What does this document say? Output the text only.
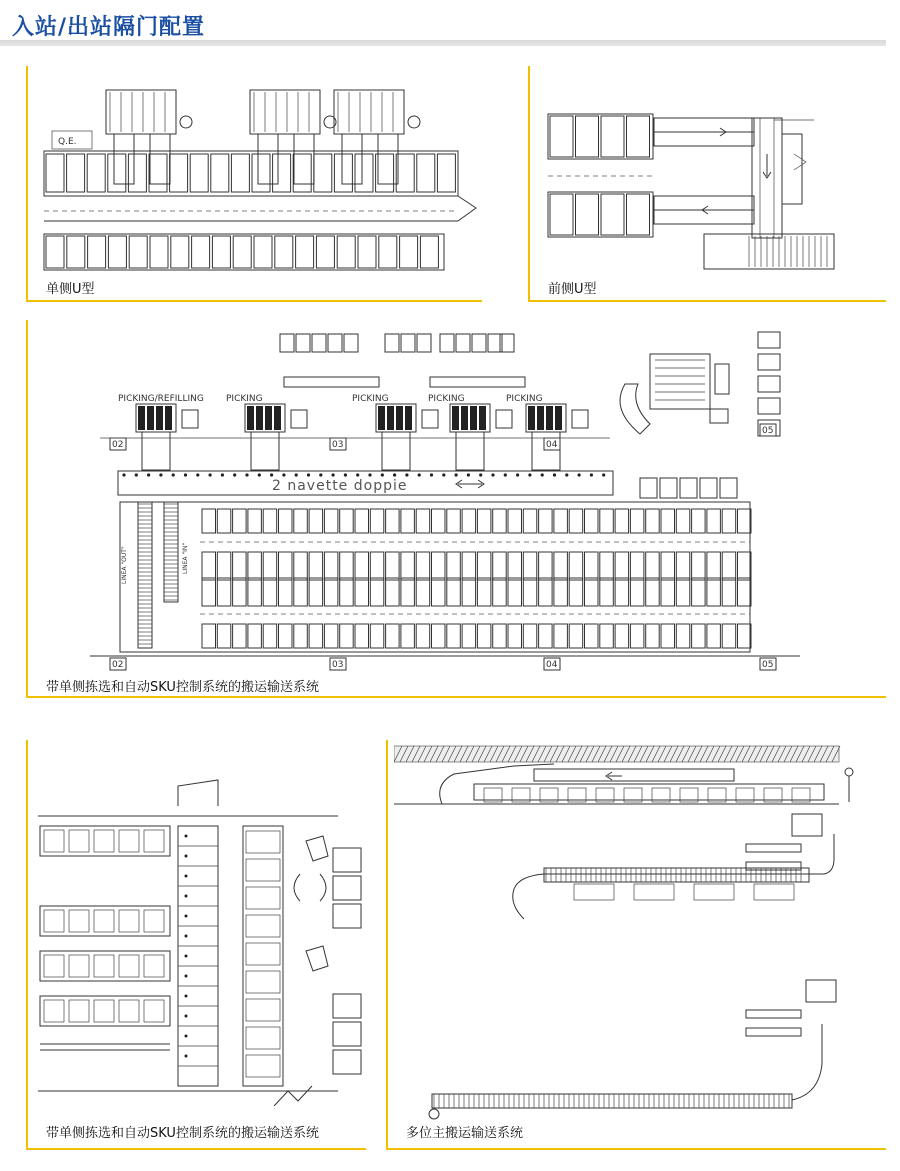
入站/出站隔门配置
Q.E.
单侧U型	前侧U型
PICKING/REFILLING PICKING	PICKING	PICKING	PICKING
02	03	04
05
2 navette doppie
LINEA "OUT"	LINEA "IN"
02	03	04	05
带单侧拣选和自动SKU控制系统的搬运输送系统
带单侧拣选和自动SKU控制系统的搬运输送系统	多位主搬运输送系统
